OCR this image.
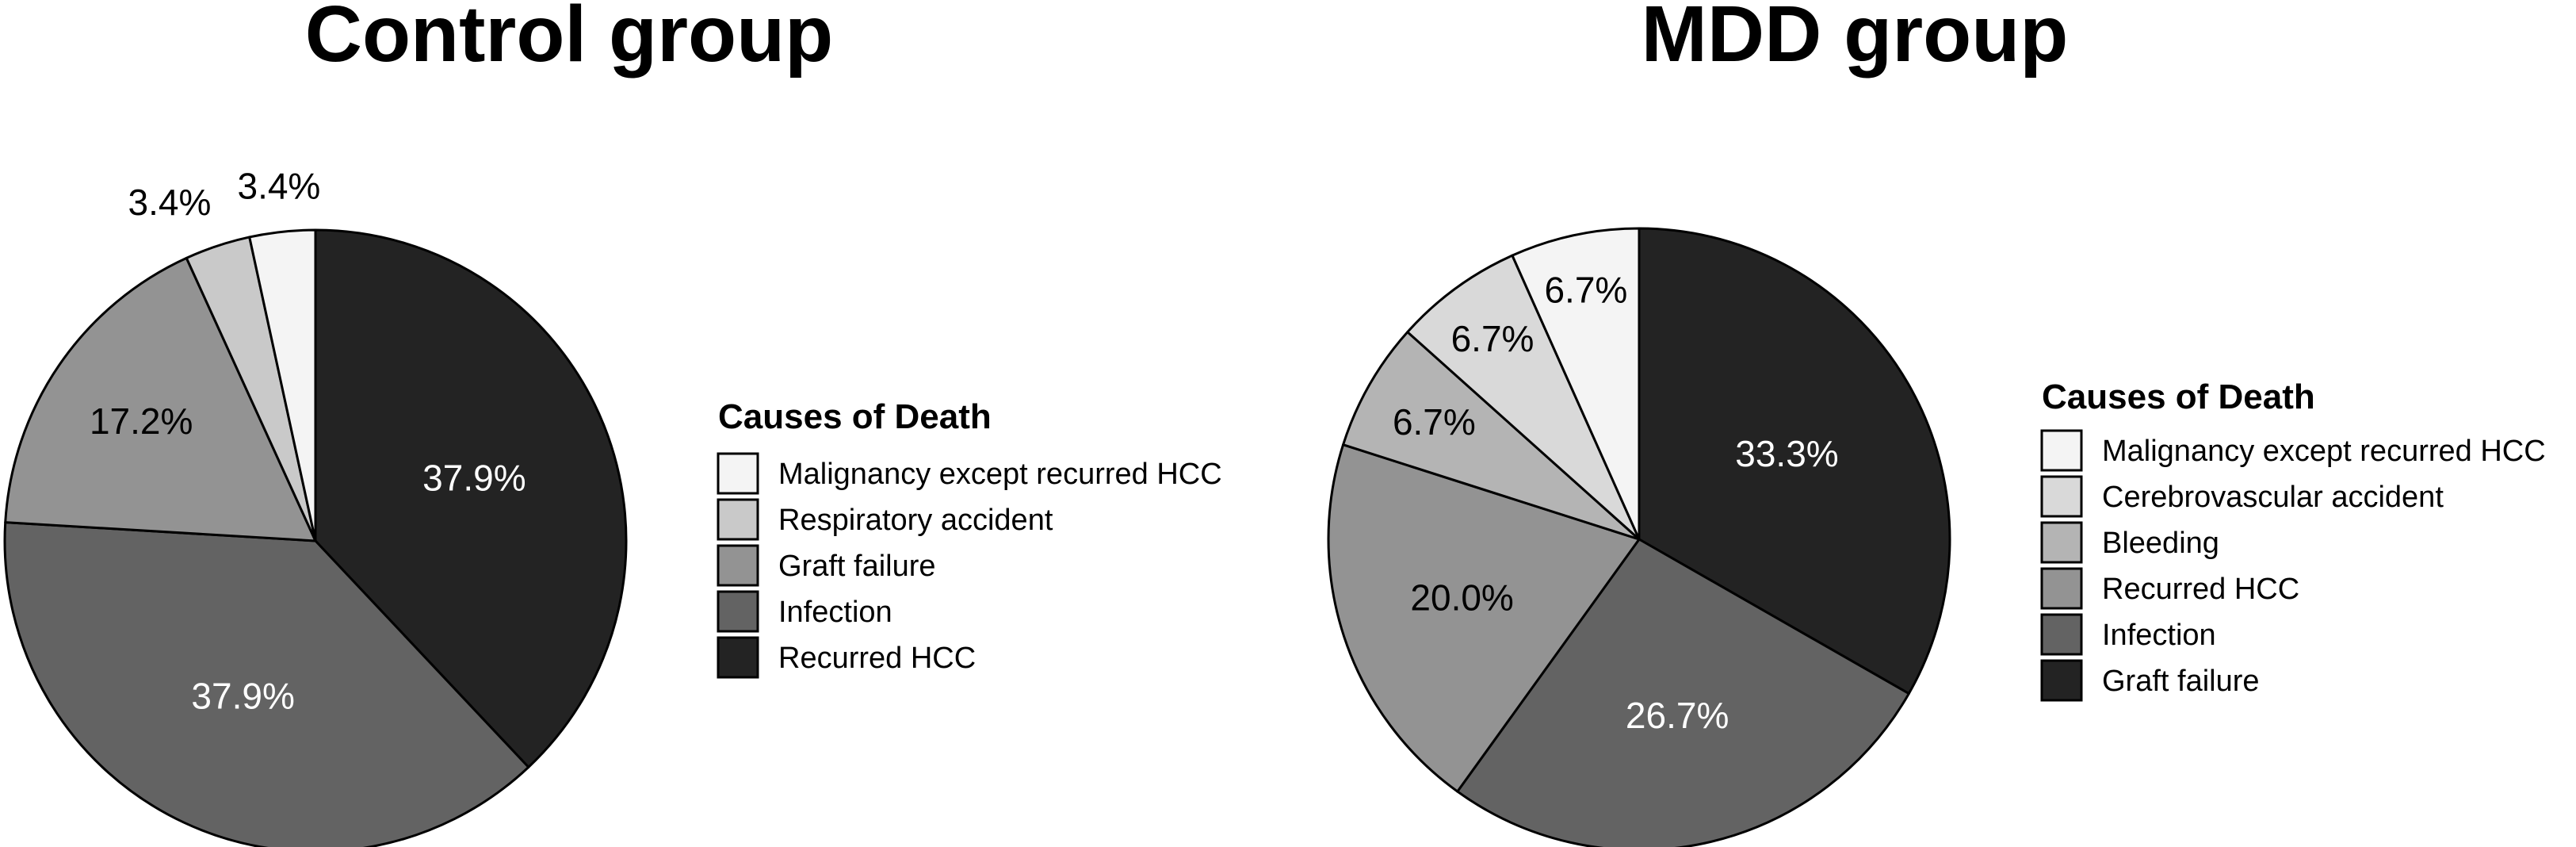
Control group
37.9%
37.9%
17.2%
3.4% 3.4%
Causes of Death
Malignancy except recurred HCC
Respiratory accident
Graft failure
Infection
Recurred HCC
MDD group
33.3%
26.7%
20.0%
6.7%
6.7%
6.7%
Causes of Death
Malignancy except recurred HCC
Cerebrovascular accident
Bleeding
Recurred HCC
Infection
Graft failure
